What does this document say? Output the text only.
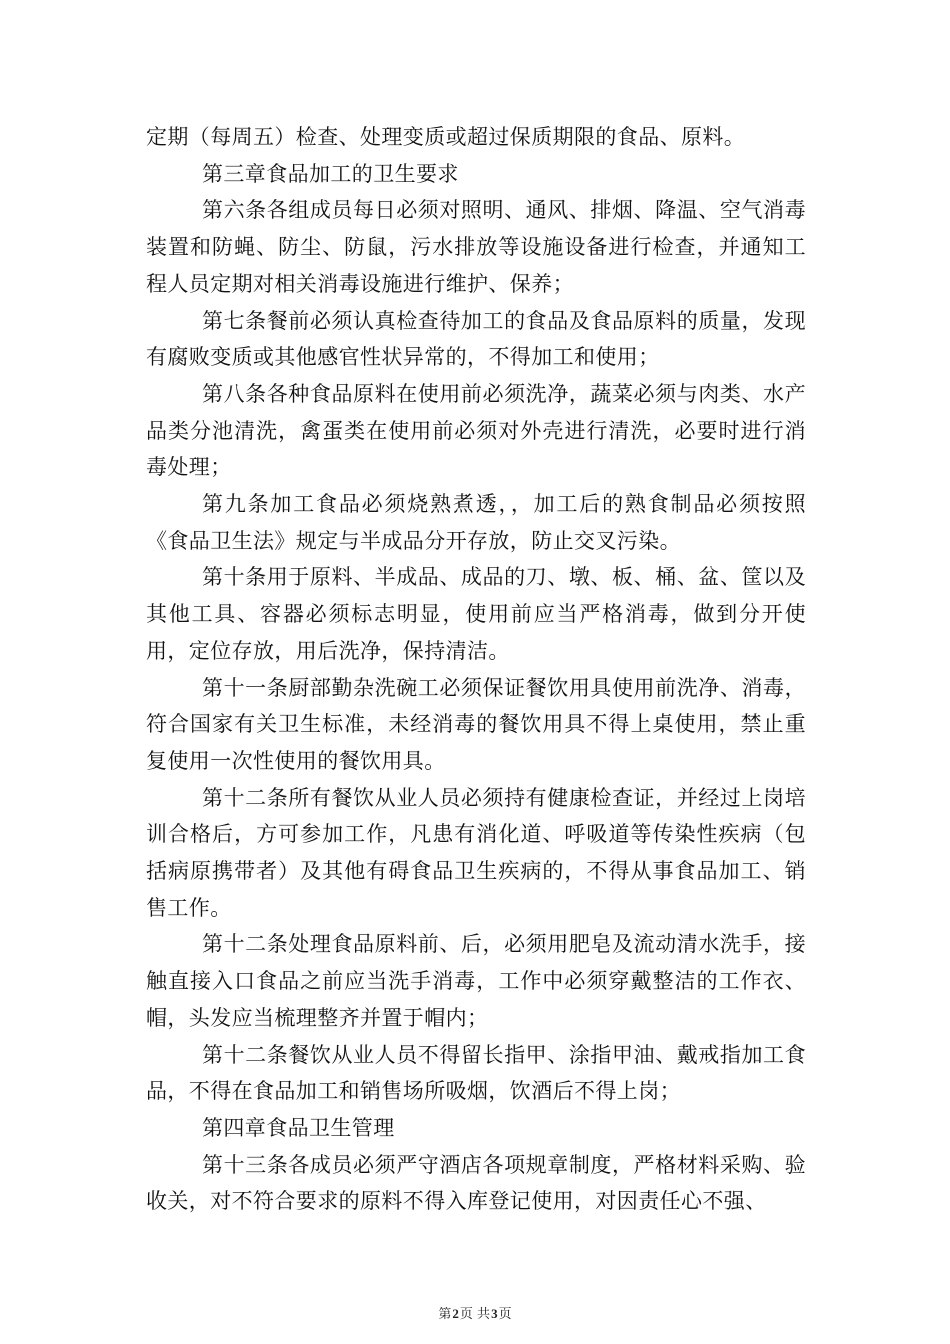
定期（每周五）检查、处理变质或超过保质期限的食品、原料。

第三章食品加工的卫生要求

第六条各组成员每日必须对照明、通风、排烟、降温、空气消毒装置和防蝇、防尘、防鼠，污水排放等设施设备进行检查，并通知工程人员定期对相关消毒设施进行维护、保养；

第七条餐前必须认真检查待加工的食品及食品原料的质量，发现有腐败变质或其他感官性状异常的，不得加工和使用；

第八条各种食品原料在使用前必须洗净，蔬菜必须与肉类、水产品类分池清洗，禽蛋类在使用前必须对外壳进行清洗，必要时进行消毒处理；

第九条加工食品必须烧熟煮透，，加工后的熟食制品必须按照《食品卫生法》规定与半成品分开存放，防止交叉污染。

第十条用于原料、半成品、成品的刀、墩、板、桶、盆、筐以及其他工具、容器必须标志明显，使用前应当严格消毒，做到分开使用，定位存放，用后洗净，保持清洁。

第十一条厨部勤杂洗碗工必须保证餐饮用具使用前洗净、消毒，符合国家有关卫生标准，未经消毒的餐饮用具不得上桌使用，禁止重复使用一次性使用的餐饮用具。

第十二条所有餐饮从业人员必须持有健康检查证，并经过上岗培训合格后，方可参加工作，凡患有消化道、呼吸道等传染性疾病（包括病原携带者）及其他有碍食品卫生疾病的，不得从事食品加工、销售工作。

第十二条处理食品原料前、后，必须用肥皂及流动清水洗手，接触直接入口食品之前应当洗手消毒，工作中必须穿戴整洁的工作衣、帽，头发应当梳理整齐并置于帽内；

第十二条餐饮从业人员不得留长指甲、涂指甲油、戴戒指加工食品，不得在食品加工和销售场所吸烟，饮酒后不得上岗；

第四章食品卫生管理

第十三条各成员必须严守酒店各项规章制度，严格材料采购、验收关，对不符合要求的原料不得入库登记使用，对因责任心不强、

第2页 共3页
